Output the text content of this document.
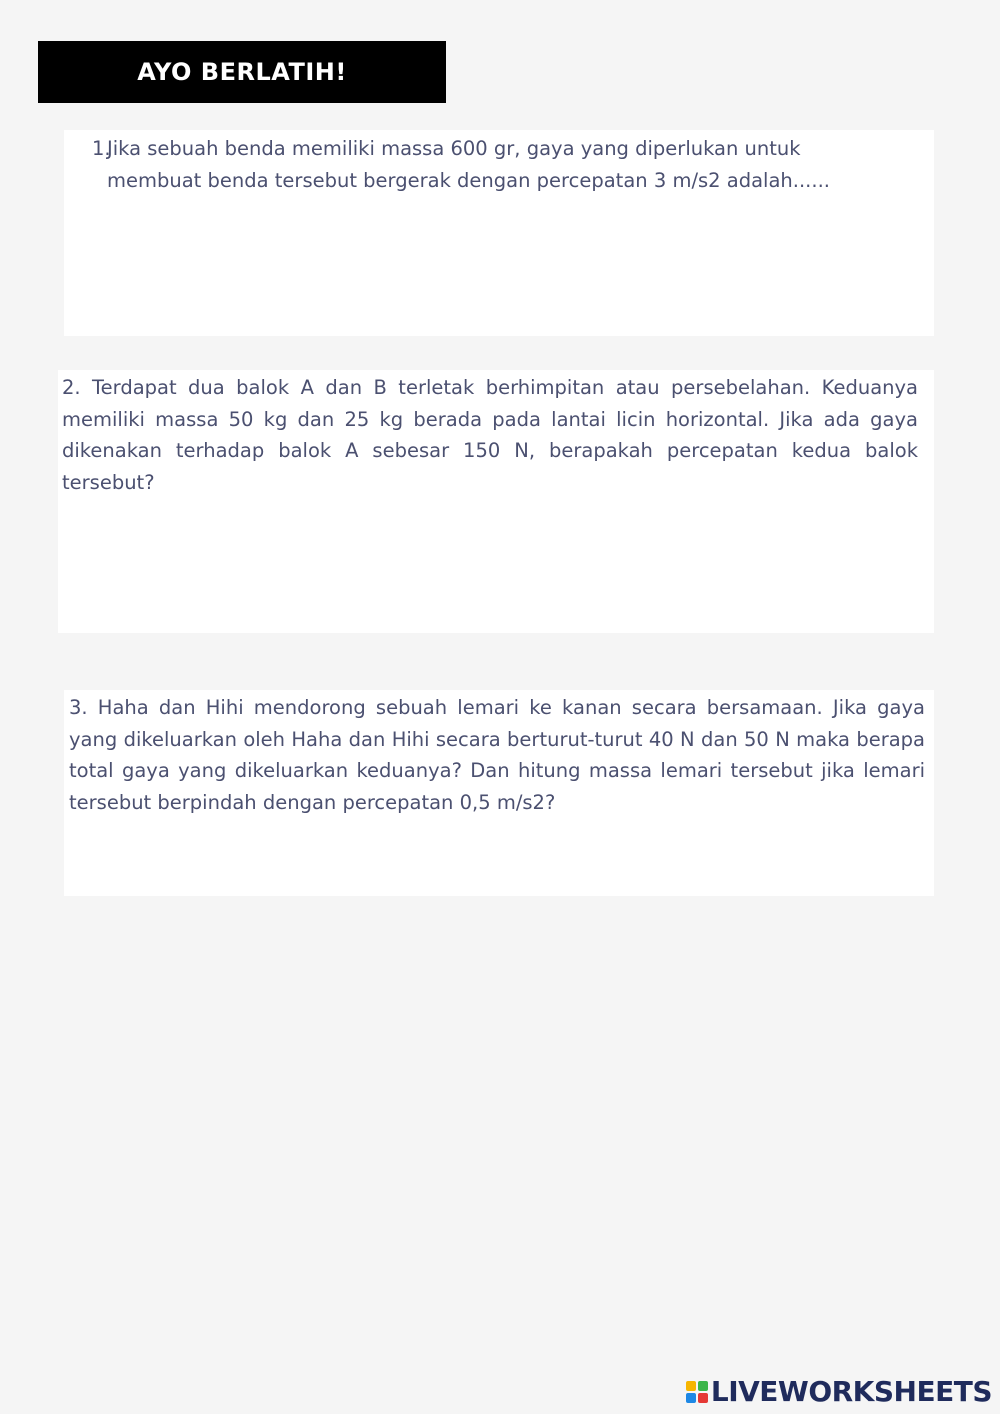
AYO BERLATIH!
1.Jika sebuah benda memiliki massa 600 gr, gaya yang diperlukan untuk
membuat benda tersebut bergerak dengan percepatan 3 m/s2 adalah......

2. Terdapat dua balok A dan B terletak berhimpitan atau persebelahan. Keduanya memiliki massa 50 kg dan 25 kg berada pada lantai licin horizontal. Jika ada gaya dikenakan terhadap balok A sebesar 150 N, berapakah percepatan kedua balok tersebut?

3. Haha dan Hihi mendorong sebuah lemari ke kanan secara bersamaan. Jika gaya yang dikeluarkan oleh Haha dan Hihi secara berturut-turut 40 N dan 50 N maka berapa total gaya yang dikeluarkan keduanya? Dan hitung massa lemari tersebut jika lemari tersebut berpindah dengan percepatan 0,5 m/s2?

LIVEWORKSHEETS
